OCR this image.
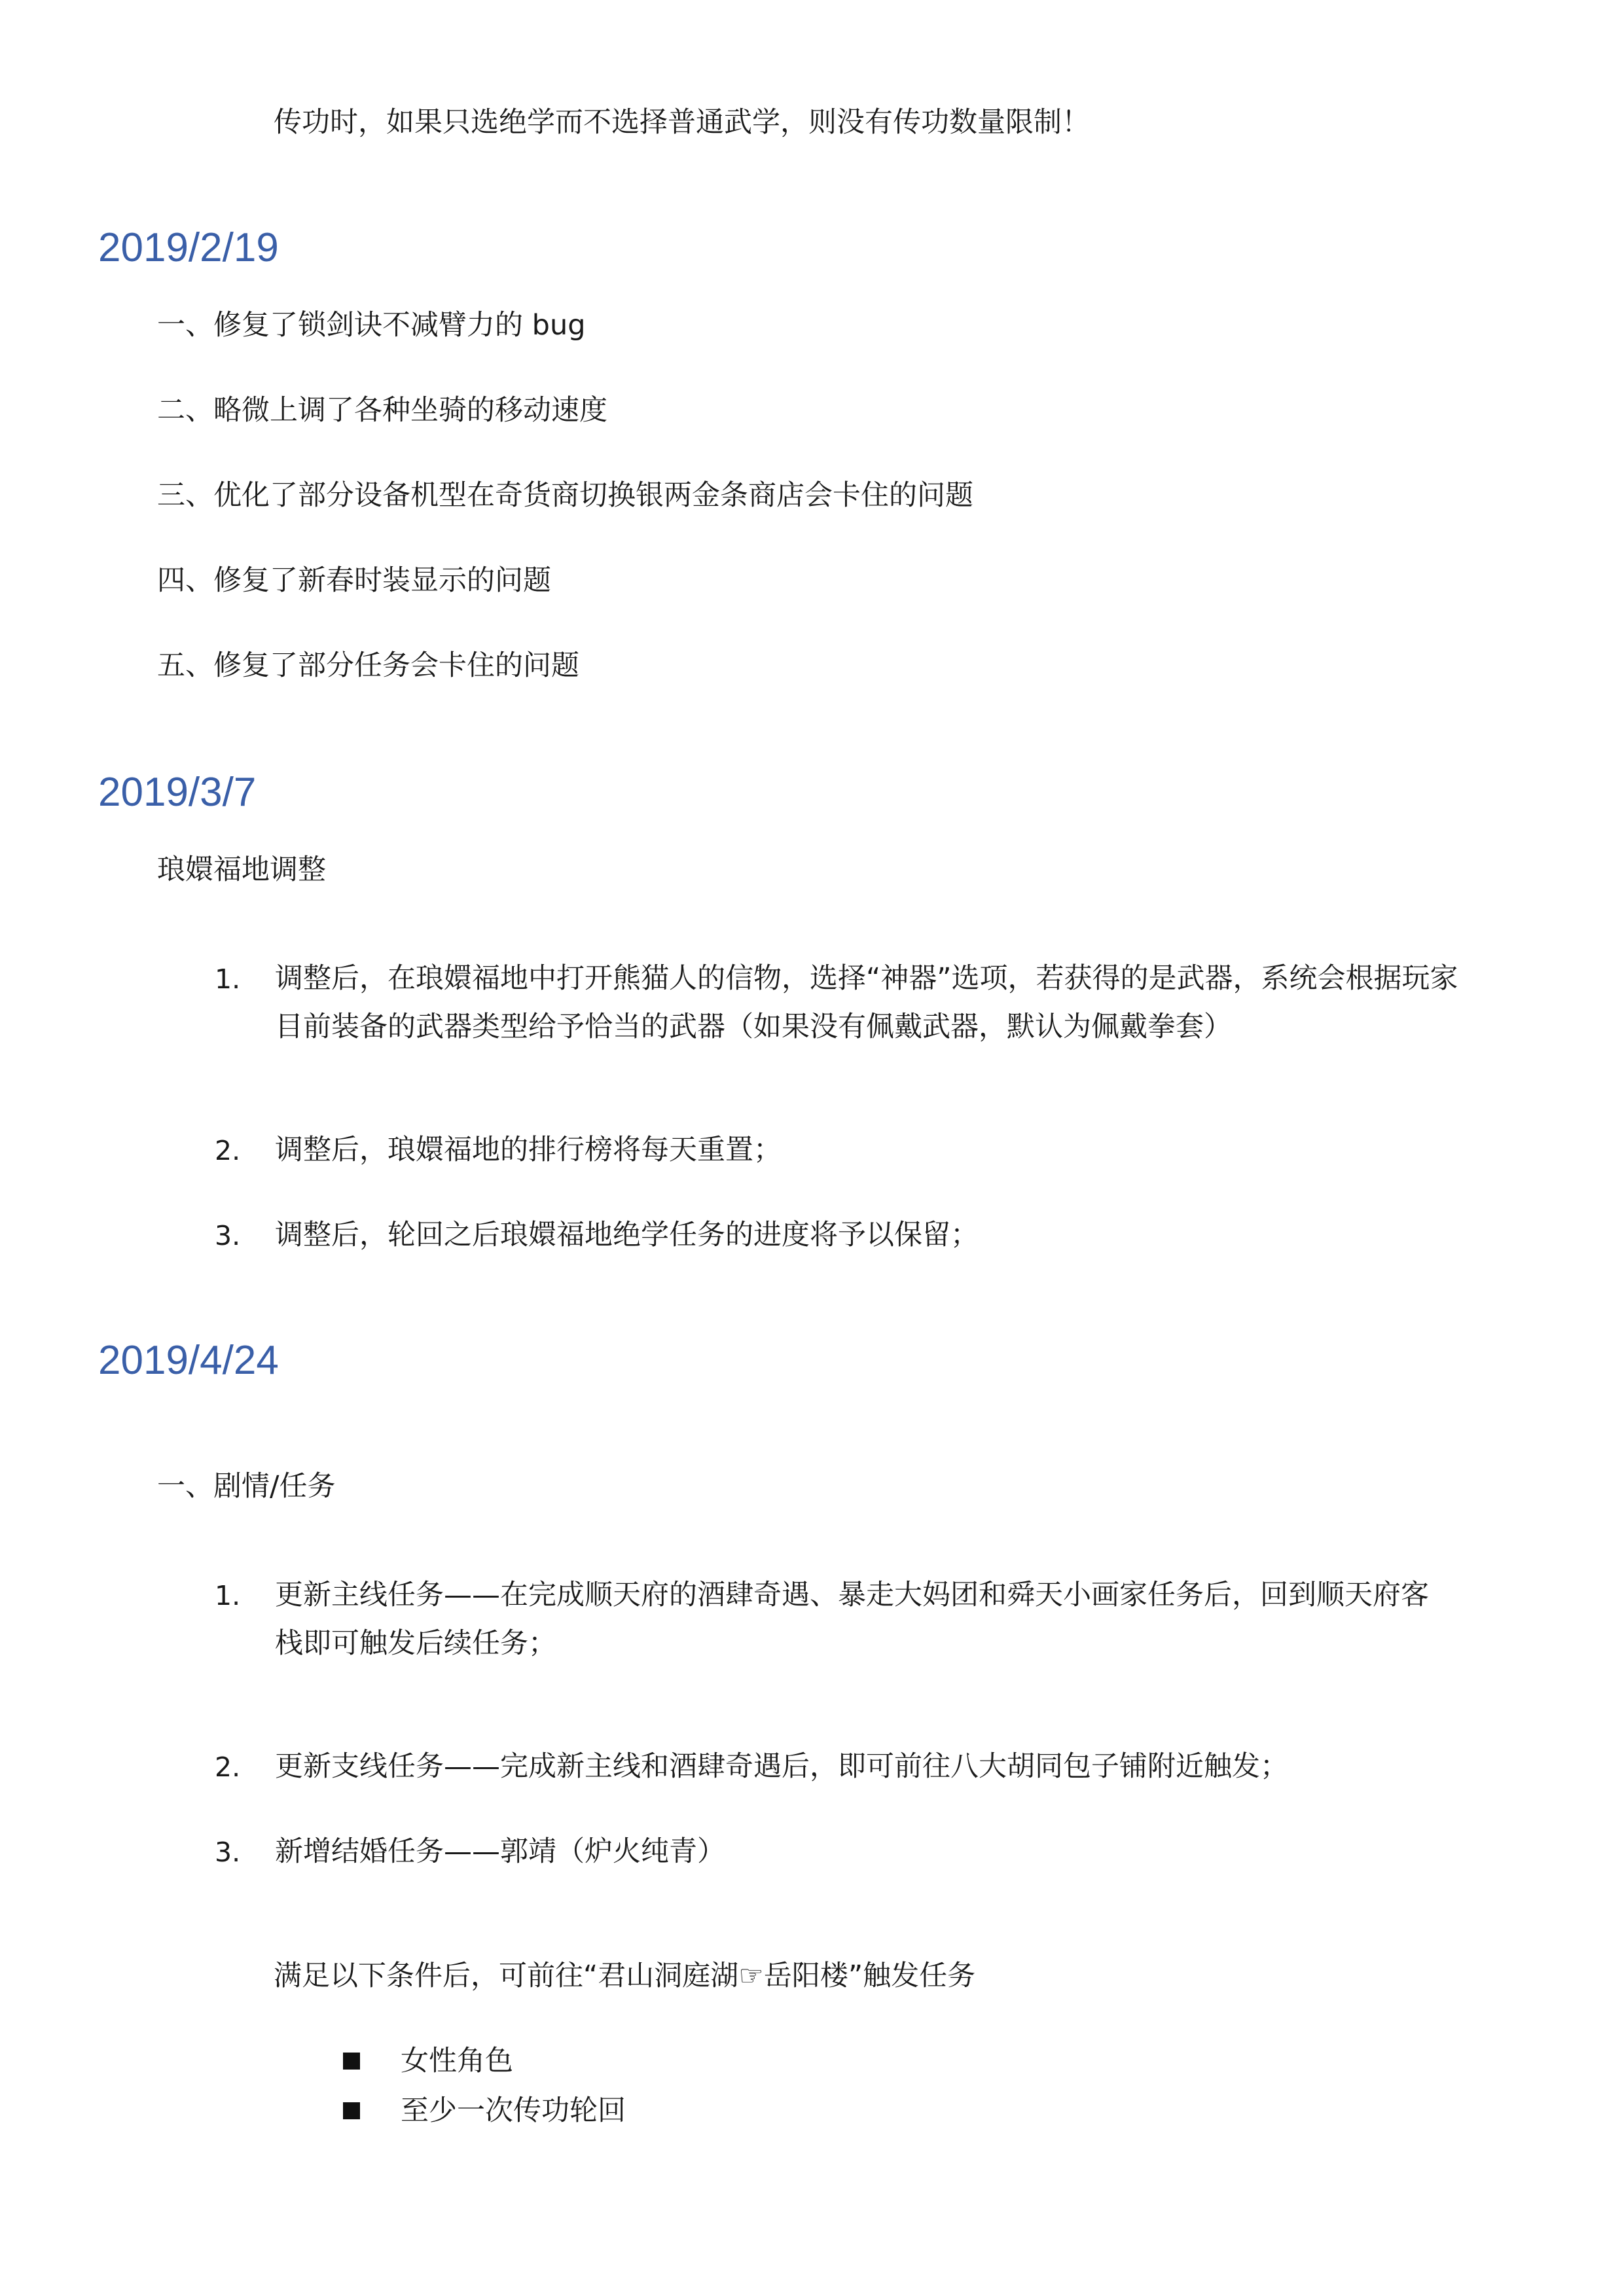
传功时，如果只选绝学而不选择普通武学，则没有传功数量限制！
2019/2/19
一、修复了锁剑诀不减臂力的 bug
二、略微上调了各种坐骑的移动速度
三、优化了部分设备机型在奇货商切换银两金条商店会卡住的问题
四、修复了新春时装显示的问题
五、修复了部分任务会卡住的问题
2019/3/7
琅嬛福地调整
1. 调整后，在琅嬛福地中打开熊猫人的信物，选择“神器”选项，若获得的是武器，系统会根据玩家
目前装备的武器类型给予恰当的武器（如果没有佩戴武器，默认为佩戴拳套）
2. 调整后，琅嬛福地的排行榜将每天重置；
3. 调整后，轮回之后琅嬛福地绝学任务的进度将予以保留；
2019/4/24
一、剧情/任务
1. 更新主线任务——在完成顺天府的酒肆奇遇、暴走大妈团和舜天小画家任务后，回到顺天府客
栈即可触发后续任务；
2. 更新支线任务——完成新主线和酒肆奇遇后，即可前往八大胡同包子铺附近触发；
3. 新增结婚任务——郭靖（炉火纯青）
满足以下条件后，可前往“君山洞庭湖☞岳阳楼”触发任务
女性角色
至少一次传功轮回
